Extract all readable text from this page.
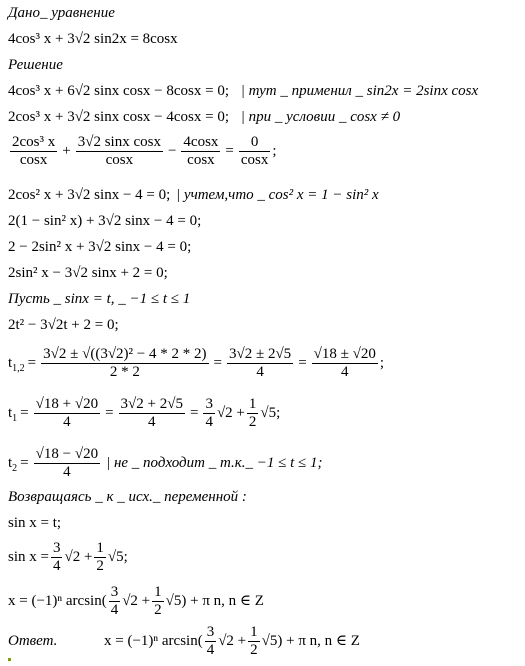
Дано_ уравнение
4cos³ x + 3√2 sin2x = 8cosx
Решение
4cos³ x + 6√2 sinx cosx − 8cosx = 0; | тут _ применил _ sin2x = 2sinx cosx
2cos³ x + 3√2 sinx cosx − 4cosx = 0; | при _ условии _ cosx ≠ 0
$\frac{\text{2cos³ x}}{\cos x} + \frac{\text{3√2 sinx cosx}}{\cos x} - \frac{4\cos x}{\cos x} = \frac{0}{\cos x}$ ;
2cos² x + 3√2 sinx − 4 = 0; | учтем,что _ cos² x = 1 − sin² x
2(1 − sin² x) + 3√2 sinx − 4 = 0;
2 − 2sin² x + 3√2 sinx − 4 = 0;
2sin² x − 3√2 sinx + 2 = 0;
Пусть _ sinx = t, _ −1 ≤ t ≤ 1
2t² − 3√2t + 2 = 0;
$t_{1,2} = \frac{\text{3√2 ± √((3√2)² − 4 * 2 * 2)}}{2 * 2} = \frac{3√2 \pm 2√5}{4} = \frac{√18 \pm √20}{4}$ ;
$t_1 = \frac{√18 + √20}{4} = \frac{3√2 + 2√5}{4} = \frac{3}{4} √2 + \frac{1}{2} √5$;
$t_2 = \frac{√18 - √20}{4}$ | не _ подходит _ т.к._ −1 ≤ t ≤ 1;
Возвращаясь _ к _ исх._ переменной :
sin x = t;
$\sin x = \frac{3}{4} √2 + \frac{1}{2} √5$;
x = (−1)ⁿ $\arcsin( \frac{3}{4} √2 + \frac{1}{2} √5) + \pi$ n, n ∈ Z
Ответ.	x = (−1)ⁿ $\arcsin( \frac{3}{4} √2 + \frac{1}{2} √5) + \pi$ n, n ∈ Z
